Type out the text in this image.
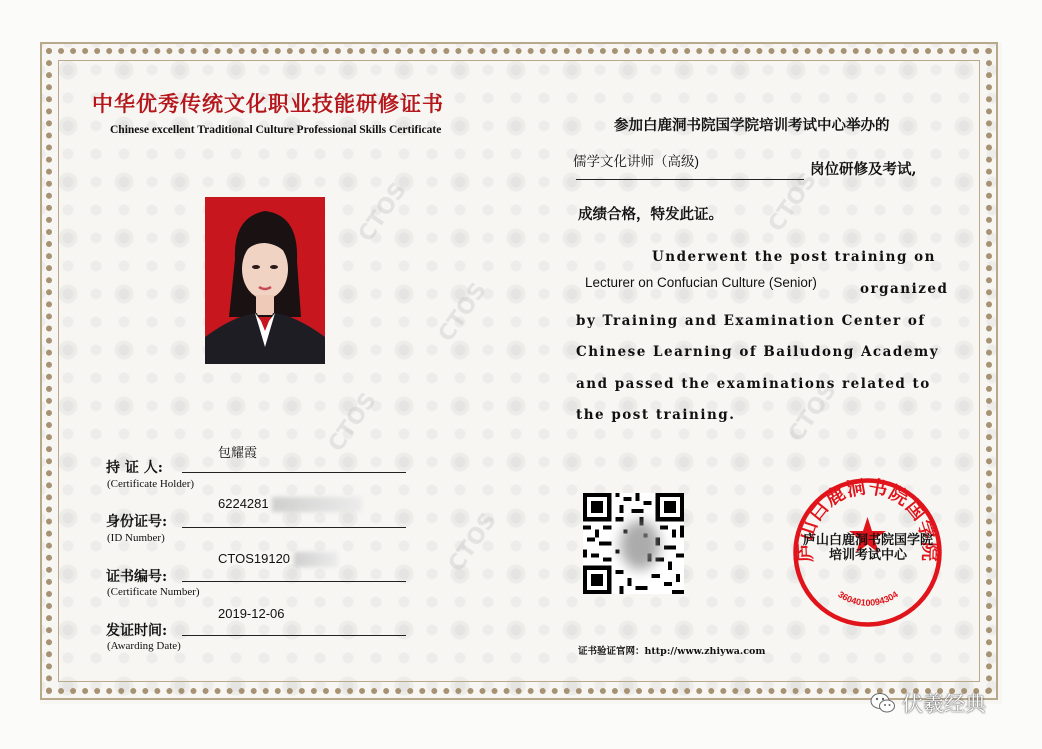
CTOS
CTOS
CTOS
CTOS
CTOS
CTOS
中华优秀传统文化职业技能研修证书
Chinese excellent Traditional Culture Professional Skills Certificate
包耀霞
持 证 人:
(Certificate Holder)
6224281
身份证号:
(ID Number)
CTOS19120
证书编号:
(Certificate Number)
2019-12-06
发证时间:
(Awarding Date)
参加白鹿洞书院国学院培训考试中心举办的
儒学文化讲师（高级)	岗位研修及考试,
成绩合格，特发此证。
Underwent the post training on
Lecturer on Confucian Culture (Senior)	organized
by Training and Examination Center of
Chinese Learning of Bailudong Academy
and passed the examinations related to
the post training.
证书验证官网：http://www.zhiywa.com
庐山白鹿洞书院国学院
3604010094304
庐山白鹿洞书院国学院
培训考试中心
伏羲经典
